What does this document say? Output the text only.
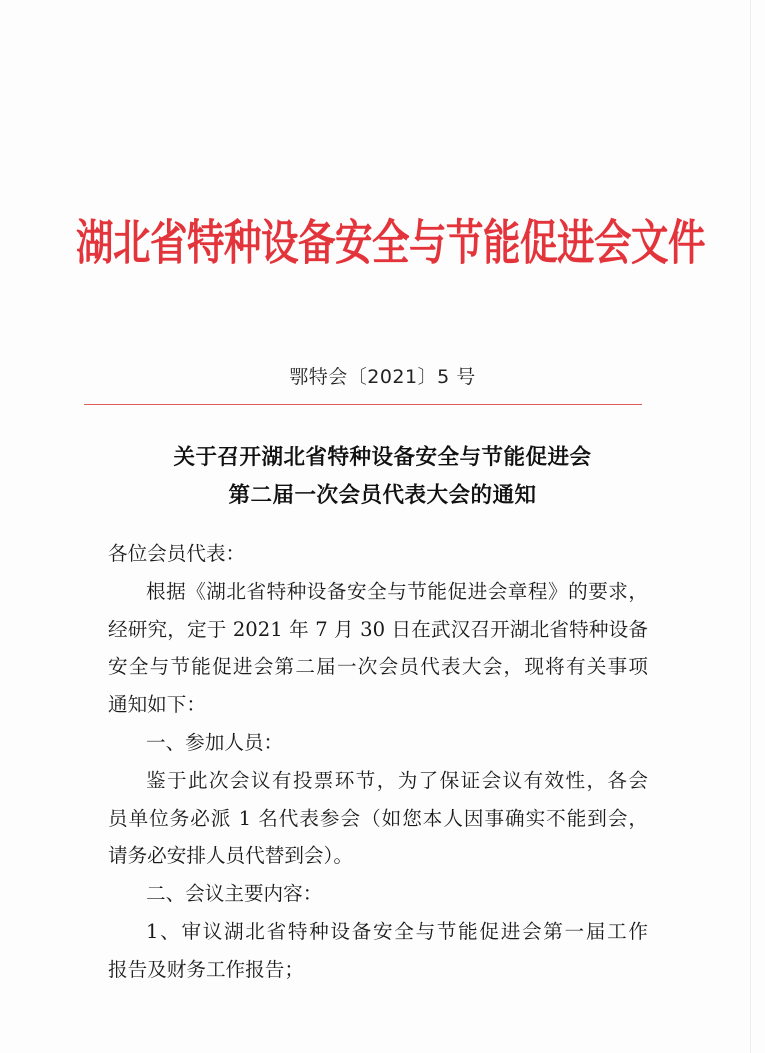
湖北省特种设备安全与节能促进会文件
鄂特会〔2021〕5 号
关于召开湖北省特种设备安全与节能促进会
第二届一次会员代表大会的通知
各位会员代表：
根据《湖北省特种设备安全与节能促进会章程》的要求，
经研究，定于 2021 年 7 月 30 日在武汉召开湖北省特种设备
安全与节能促进会第二届一次会员代表大会，现将有关事项
通知如下：
一、参加人员：
鉴于此次会议有投票环节，为了保证会议有效性，各会
员单位务必派 1 名代表参会（如您本人因事确实不能到会，
请务必安排人员代替到会）。
二、会议主要内容：
1、审议湖北省特种设备安全与节能促进会第一届工作
报告及财务工作报告；
